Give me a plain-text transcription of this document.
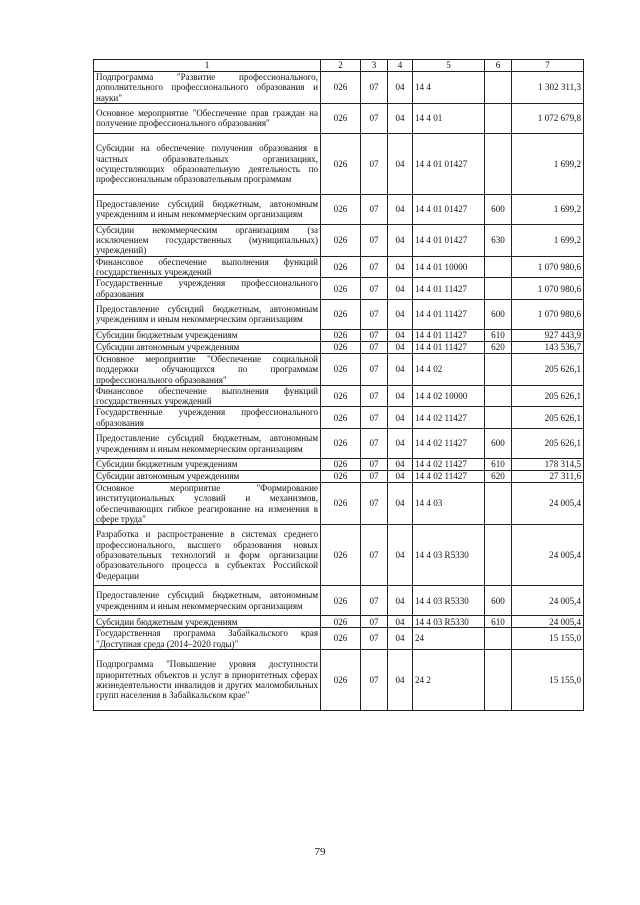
1	2	3	4	5	6	7
Подпрограмма "Развитие профессионального, дополнительного профессионального образования и науки"	026	07	04	14 4		1 302 311,3
Основное мероприятие "Обеспечение прав граждан на получение профессионального образования"	026	07	04	14 4 01		1 072 679,8
Субсидии на обеспечение получения образования в частных образовательных организациях, осуществляющих образовательную деятельность по профессиональным образовательным программам	026	07	04	14 4 01 01427		1 699,2
Предоставление субсидий бюджетным, автономным учреждениям и иным некоммерческим организациям	026	07	04	14 4 01 01427	600	1 699,2
Субсидии некоммерческим организациям (за исключением государственных (муниципальных) учреждений)	026	07	04	14 4 01 01427	630	1 699,2
Финансовое обеспечение выполнения функций государственных учреждений	026	07	04	14 4 01 10000		1 070 980,6
Государственные учреждения профессионального образования	026	07	04	14 4 01 11427		1 070 980,6
Предоставление субсидий бюджетным, автономным учреждениям и иным некоммерческим организациям	026	07	04	14 4 01 11427	600	1 070 980,6
Субсидии бюджетным учреждениям	026	07	04	14 4 01 11427	610	927 443,9
Субсидии автономным учреждениям	026	07	04	14 4 01 11427	620	143 536,7
Основное мероприятие "Обеспечение социальной поддержки обучающихся по программам профессионального образования"	026	07	04	14 4 02		205 626,1
Финансовое обеспечение выполнения функций государственных учреждений	026	07	04	14 4 02 10000		205 626,1
Государственные учреждения профессионального образования	026	07	04	14 4 02 11427		205 626,1
Предоставление субсидий бюджетным, автономным учреждениям и иным некоммерческим организациям	026	07	04	14 4 02 11427	600	205 626,1
Субсидии бюджетным учреждениям	026	07	04	14 4 02 11427	610	178 314,5
Субсидии автономным учреждениям	026	07	04	14 4 02 11427	620	27 311,6
Основное мероприятие "Формирование институциональных условий и механизмов, обеспечивающих гибкое реагирование на изменения в сфере труда"	026	07	04	14 4 03		24 005,4
Разработка и распространение в системах среднего профессионального, высшего образования новых образовательных технологий и форм организации образовательного процесса в субъектах Российской Федерации	026	07	04	14 4 03 R5330		24 005,4
Предоставление субсидий бюджетным, автономным учреждениям и иным некоммерческим организациям	026	07	04	14 4 03 R5330	600	24 005,4
Субсидии бюджетным учреждениям	026	07	04	14 4 03 R5330	610	24 005,4
Государственная программа Забайкальского края "Доступная среда (2014–2020 годы)"	026	07	04	24		15 155,0
Подпрограмма "Повышение уровня доступности приоритетных объектов и услуг в приоритетных сферах жизнедеятельности инвалидов и других маломобильных групп населения в Забайкальском крае"	026	07	04	24 2		15 155,0
79
